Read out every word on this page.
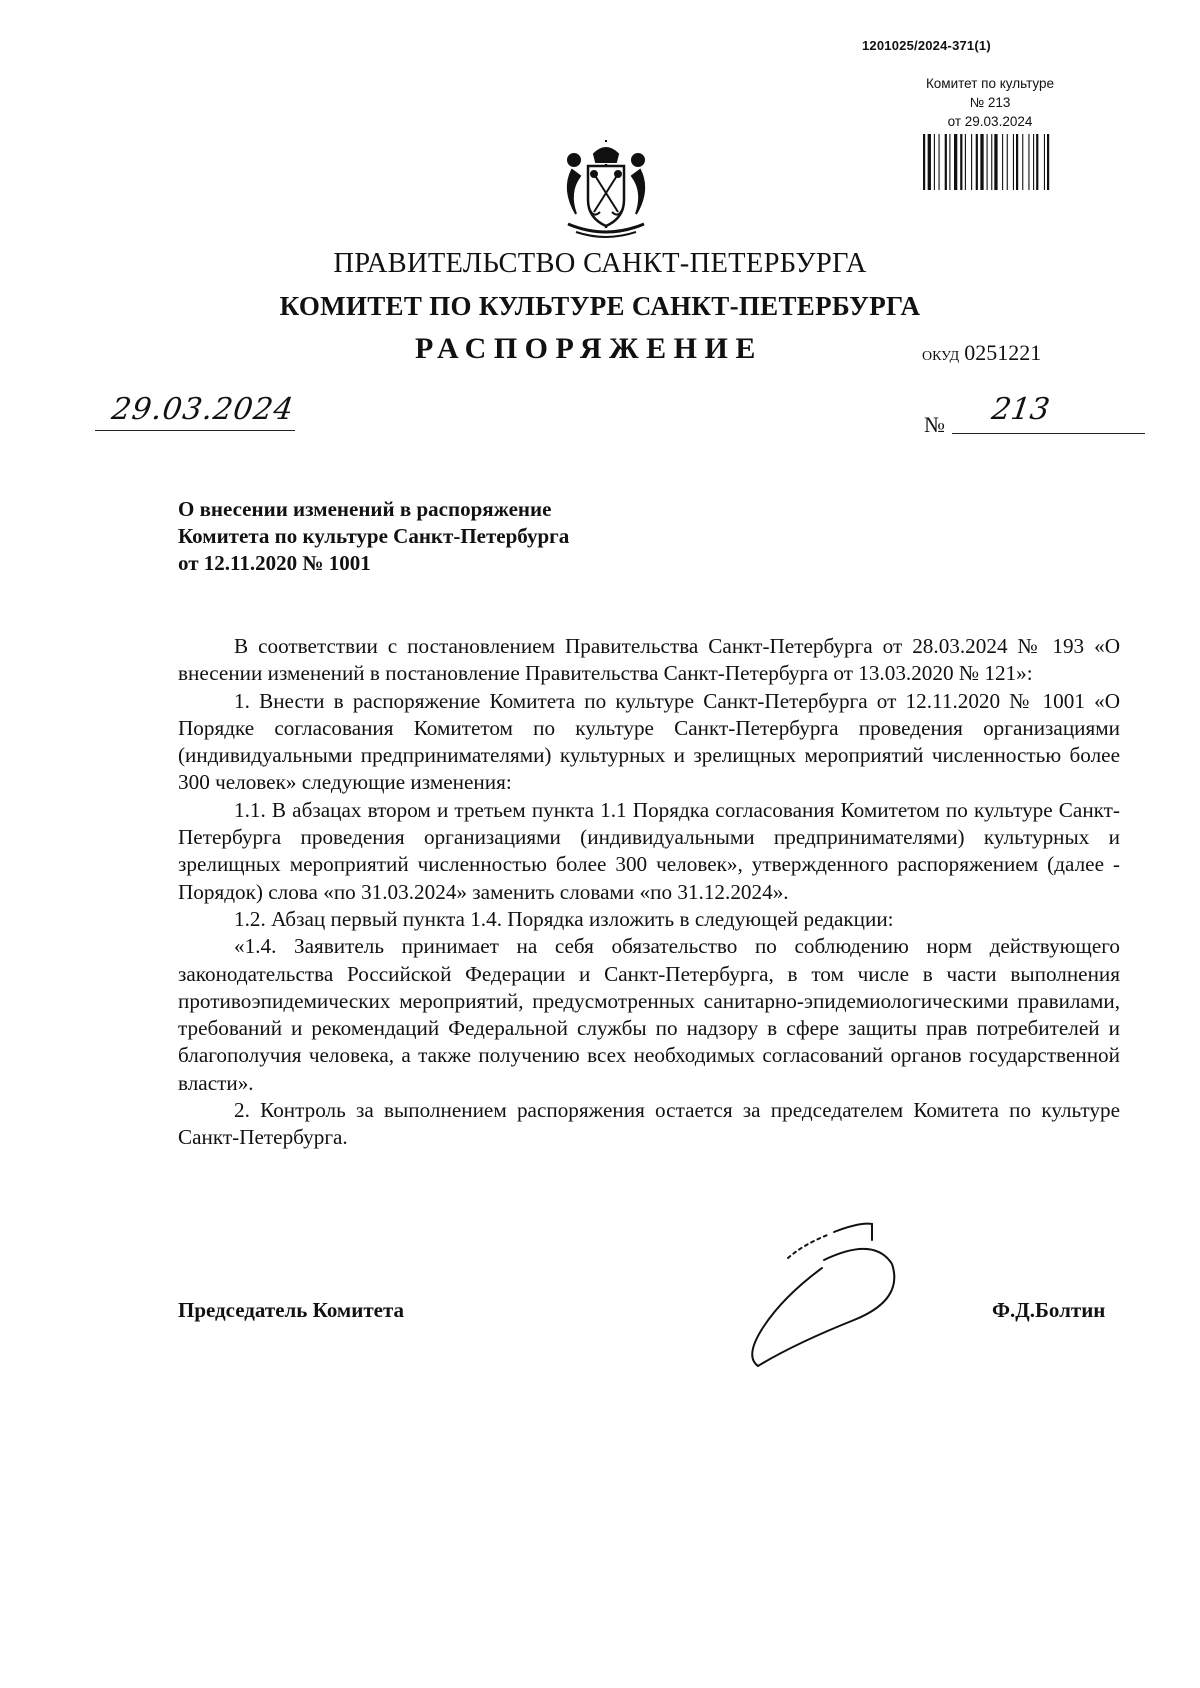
1201025/2024-371(1)
Комитет по культуре
№ 213
от 29.03.2024
ПРАВИТЕЛЬСТВО САНКТ-ПЕТЕРБУРГА
КОМИТЕТ ПО КУЛЬТУРЕ САНКТ-ПЕТЕРБУРГА
РАСПОРЯЖЕНИЕ	ОКУД 0251221
29.03.2024	№ 213
О внесении изменений в распоряжение
Комитета по культуре Санкт-Петербурга
от 12.11.2020 № 1001

В соответствии с постановлением Правительства Санкт-Петербурга от 28.03.2024 № 193 «О внесении изменений в постановление Правительства Санкт-Петербурга от 13.03.2020 № 121»:

1. Внести в распоряжение Комитета по культуре Санкт-Петербурга от 12.11.2020 № 1001 «О Порядке согласования Комитетом по культуре Санкт-Петербурга проведения организациями (индивидуальными предпринимателями) культурных и зрелищных мероприятий численностью более 300 человек» следующие изменения:

1.1. В абзацах втором и третьем пункта 1.1 Порядка согласования Комитетом по культуре Санкт-Петербурга проведения организациями (индивидуальными предпринимателями) культурных и зрелищных мероприятий численностью более 300 человек», утвержденного распоряжением (далее - Порядок) слова «по 31.03.2024» заменить словами «по 31.12.2024».

1.2. Абзац первый пункта 1.4. Порядка изложить в следующей редакции:

«1.4. Заявитель принимает на себя обязательство по соблюдению норм действующего законодательства Российской Федерации и Санкт-Петербурга, в том числе в части выполнения противоэпидемических мероприятий, предусмотренных санитарно-эпидемиологическими правилами, требований и рекомендаций Федеральной службы по надзору в сфере защиты прав потребителей и благополучия человека, а также получению всех необходимых согласований органов государственной власти».

2. Контроль за выполнением распоряжения остается за председателем Комитета по культуре Санкт-Петербурга.

Председатель Комитета	Ф.Д.Болтин
